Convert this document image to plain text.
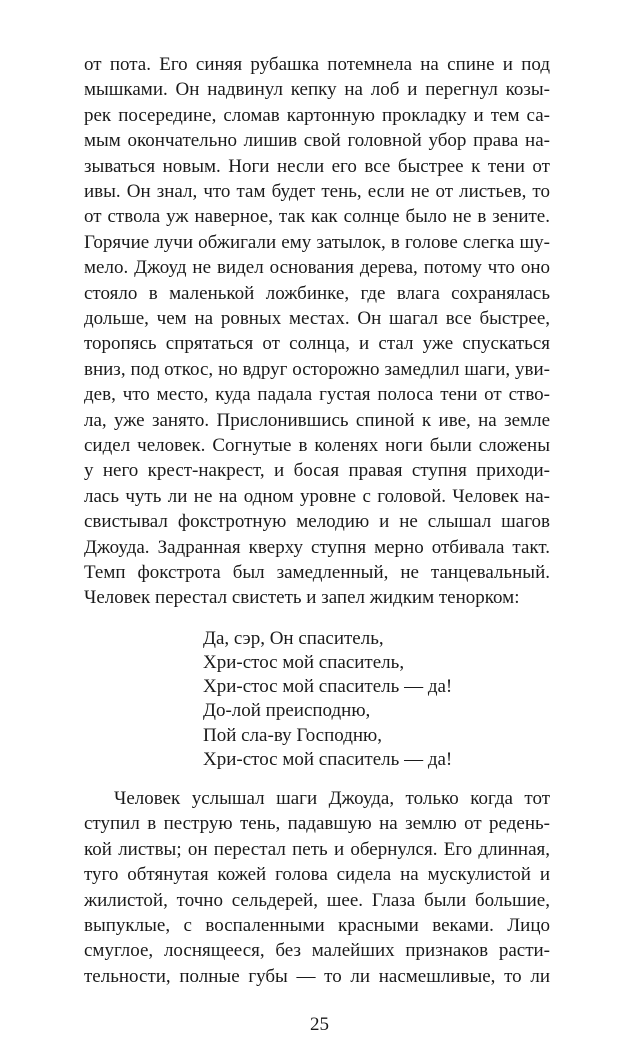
от пота. Его синяя рубашка потемнела на спине и под
мышками. Он надвинул кепку на лоб и перегнул козы-
рек посередине, сломав картонную прокладку и тем са-
мым окончательно лишив свой головной убор права на-
зываться новым. Ноги несли его все быстрее к тени от
ивы. Он знал, что там будет тень, если не от листьев, то
от ствола уж наверное, так как солнце было не в зените.
Горячие лучи обжигали ему затылок, в голове слегка шу-
мело. Джоуд не видел основания дерева, потому что оно
стояло в маленькой ложбинке, где влага сохранялась
дольше, чем на ровных местах. Он шагал все быстрее,
торопясь спрятаться от солнца, и стал уже спускаться
вниз, под откос, но вдруг осторожно замедлил шаги, уви-
дев, что место, куда падала густая полоса тени от ство-
ла, уже занято. Прислонившись спиной к иве, на земле
сидел человек. Согнутые в коленях ноги были сложены
у него крест-накрест, и босая правая ступня приходи-
лась чуть ли не на одном уровне с головой. Человек на-
свистывал фокстротную мелодию и не слышал шагов
Джоуда. Задранная кверху ступня мерно отбивала такт.
Темп фокстрота был замедленный, не танцевальный.
Человек перестал свистеть и запел жидким тенорком:
Да, сэр, Он спаситель,
Хри-стос мой спаситель,
Хри-стос мой спаситель — да!
До-лой преисподню,
Пой сла-ву Господню,
Хри-стос мой спаситель — да!
Человек услышал шаги Джоуда, только когда тот
ступил в пеструю тень, падавшую на землю от редень-
кой листвы; он перестал петь и обернулся. Его длинная,
туго обтянутая кожей голова сидела на мускулистой и
жилистой, точно сельдерей, шее. Глаза были большие,
выпуклые, с воспаленными красными веками. Лицо
смуглое, лоснящееся, без малейших признаков расти-
тельности, полные губы — то ли насмешливые, то ли
25
